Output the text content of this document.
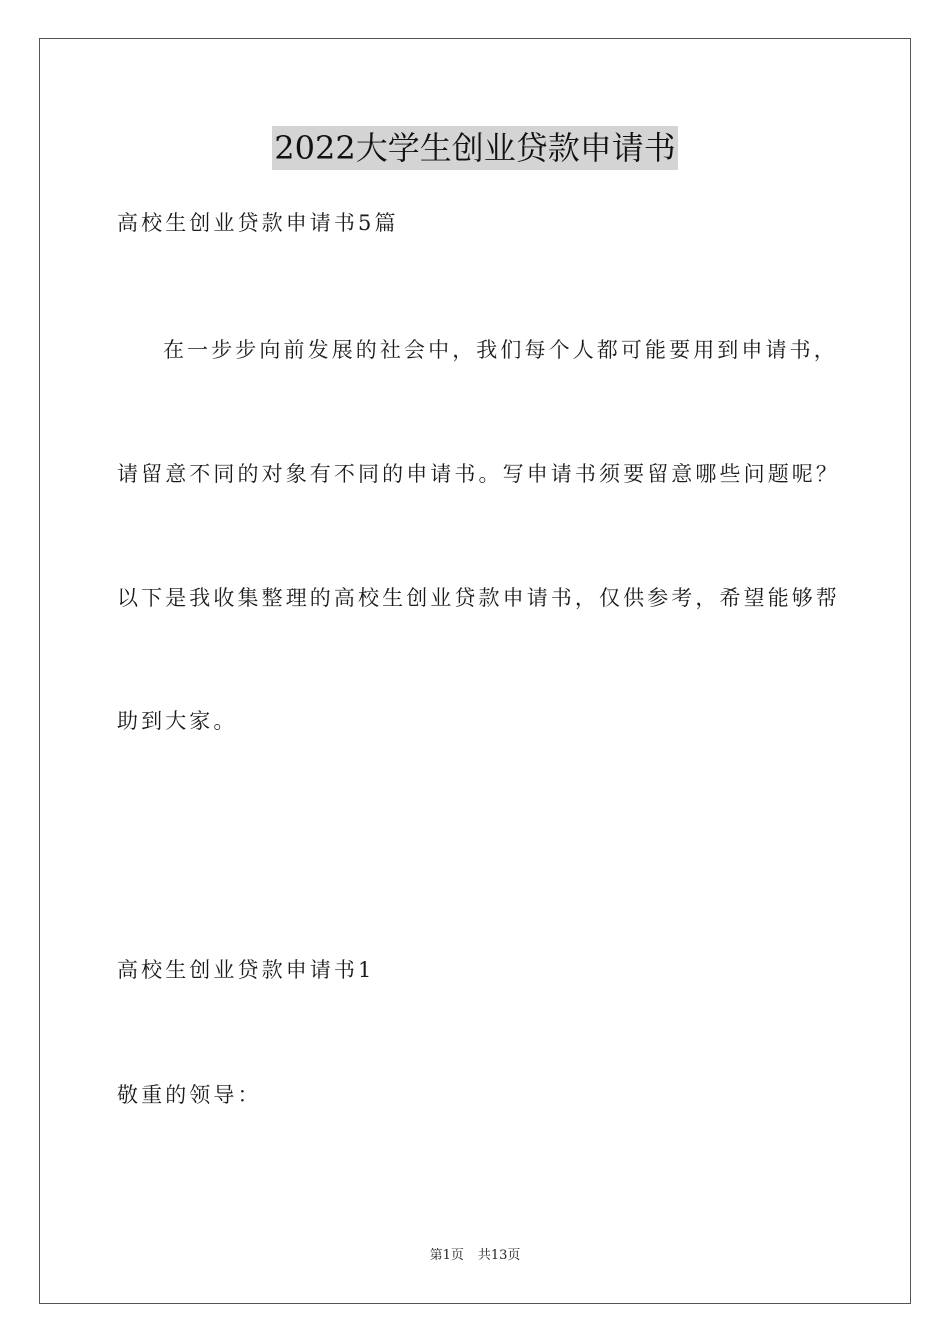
2022大学生创业贷款申请书
高校生创业贷款申请书5篇
在一步步向前发展的社会中，我们每个人都可能要用到申请书，
请留意不同的对象有不同的申请书。写申请书须要留意哪些问题呢？
以下是我收集整理的高校生创业贷款申请书，仅供参考，希望能够帮
助到大家。
高校生创业贷款申请书1
敬重的领导：
第1页 共13页
